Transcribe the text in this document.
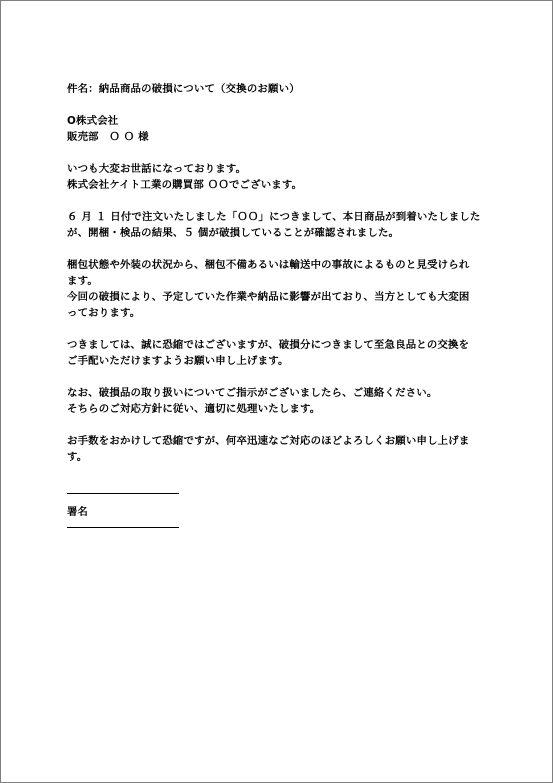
件名：納品商品の破損について（交換のお願い）
O株式会社
販売部　Ｏ Ｏ 様
いつも大変お世話になっております。
株式会社ケイト工業の購買部 ＯＯでございます。
６ 月 １ 日付で注文いたしました「ＯＯ」につきまして、本日商品が到着いたしました
が、開梱・検品の結果、５ 個が破損していることが確認されました。
梱包状態や外装の状況から、梱包不備あるいは輸送中の事故によるものと見受けられ
ます。
今回の破損により、予定していた作業や納品に影響が出ており、当方としても大変困
っております。
つきましては、誠に恐縮ではございますが、破損分につきまして至急良品との交換を
ご手配いただけますようお願い申し上げます。
なお、破損品の取り扱いについてご指示がございましたら、ご連絡ください。
そちらのご対応方針に従い、適切に処理いたします。
お手数をおかけして恐縮ですが、何卒迅速なご対応のほどよろしくお願い申し上げま
す。
署名
